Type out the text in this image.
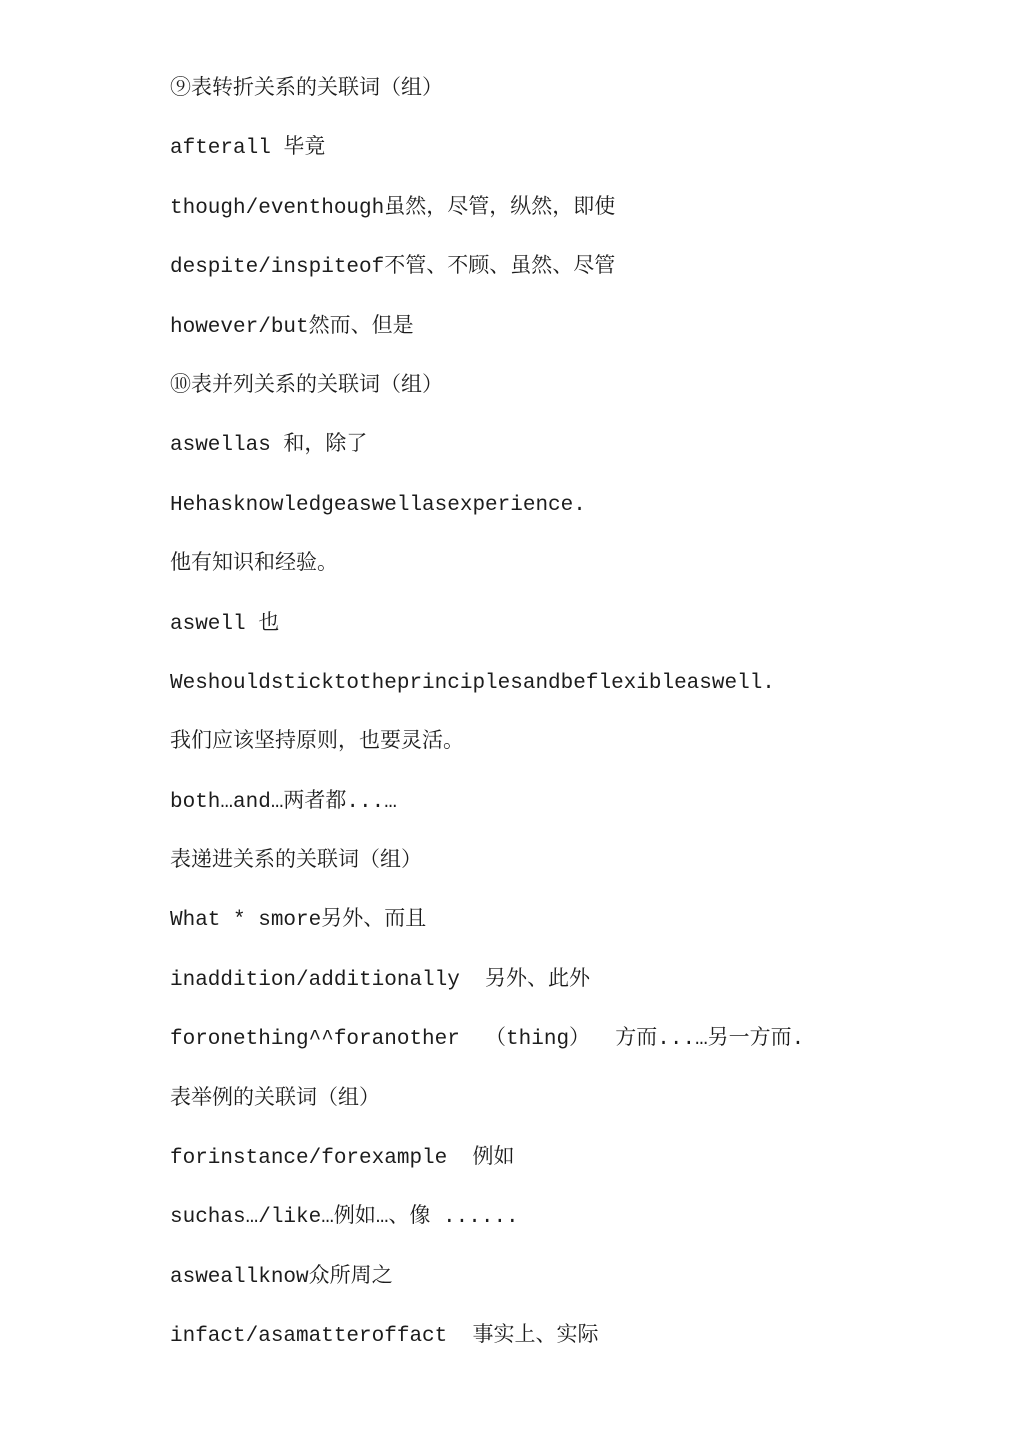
⑨表转折关系的关联词（组）
afterall 毕竟
though/eventhough虽然，尽管，纵然，即使
despite/inspiteof不管、不顾、虽然、尽管
however/but然而、但是
⑩表并列关系的关联词（组）
aswellas 和，除了
Hehasknowledgeaswellasexperience.
他有知识和经验。
aswell 也
Weshouldsticktotheprinciplesandbeflexibleaswell.
我们应该坚持原则，也要灵活。
both…and…两者都...…
表递进关系的关联词（组）
What * smore另外、而且
inaddition/additionally  另外、此外
foronething^^foranother  （thing）  方而...…另一方而.
表举例的关联词（组）
forinstance/forexample  例如
suchas…/like…例如…、像 ......
asweallknow众所周之
infact/asamatteroffact  事实上、实际
